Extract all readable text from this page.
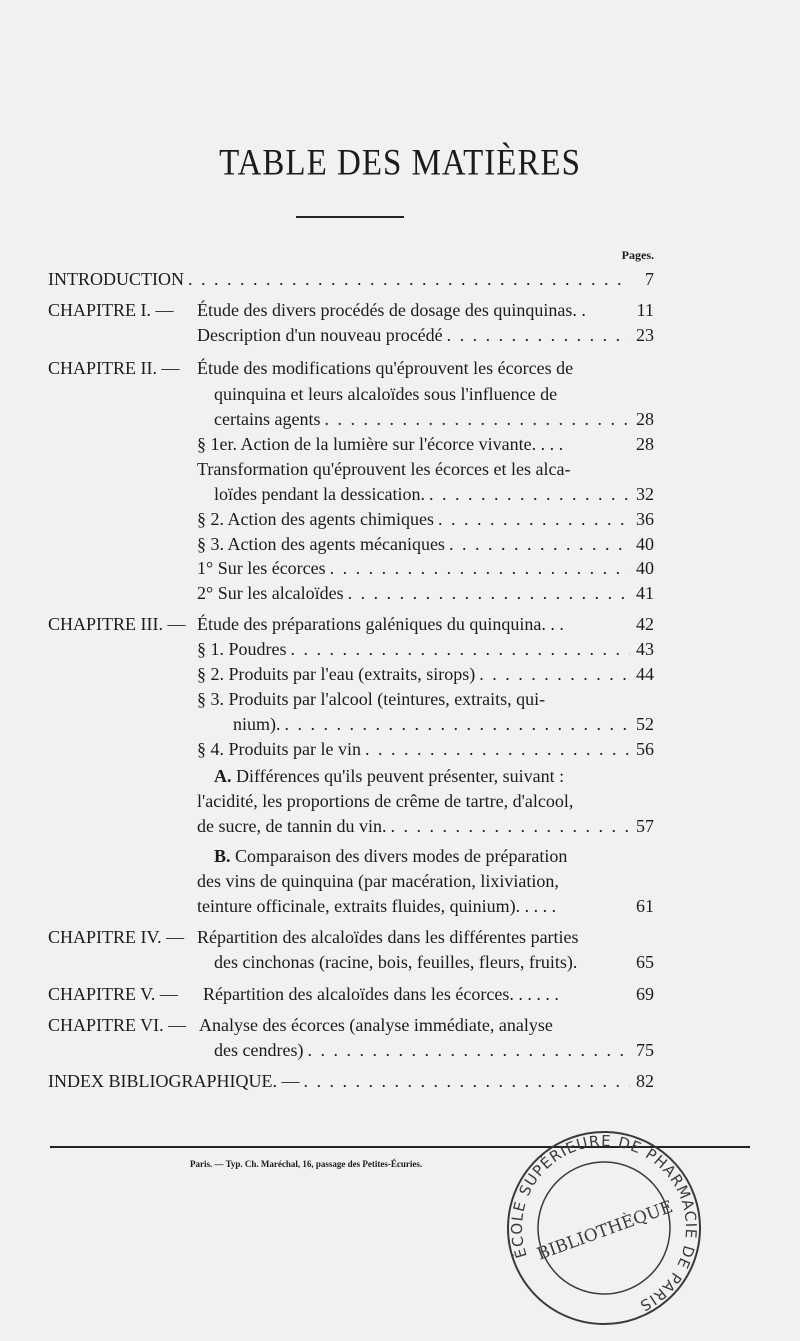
TABLE DES MATIÈRES
Pages.
INTRODUCTION . . .	7
CHAPITRE I. — Étude des divers procédés de dosage des quinquinas. .	11
Description d'un nouveau procédé . . .	23
CHAPITRE II. — Étude des modifications qu'éprouvent les écorces de
quinquina et leurs alcaloïdes sous l'influence de
certains agents . . .	28
§ 1er. Action de la lumière sur l'écorce vivante. . . .	28
Transformation qu'éprouvent les écorces et les alca-
loïdes pendant la dessication. . . .	32
§ 2. Action des agents chimiques . . .	36
§ 3. Action des agents mécaniques . . .	40
1° Sur les écorces . . .	40
2° Sur les alcaloïdes . . .	41
CHAPITRE III. — Étude des préparations galéniques du quinquina. . .	42
§ 1. Poudres . . .	43
§ 2. Produits par l'eau (extraits, sirops) . . .	44
§ 3. Produits par l'alcool (teintures, extraits, qui-
nium). . . .	52
§ 4. Produits par le vin . . .	56
A. Différences qu'ils peuvent présenter, suivant :
l'acidité, les proportions de crême de tartre, d'alcool,
de sucre, de tannin du vin. . . .	57
B. Comparaison des divers modes de préparation
des vins de quinquina (par macération, lixiviation,
teinture officinale, extraits fluides, quinium). . . . .	61
CHAPITRE IV. — Répartition des alcaloïdes dans les différentes parties
des cinchonas (racine, bois, feuilles, fleurs, fruits).	65
CHAPITRE V. — Répartition des alcaloïdes dans les écorces. . . . . .	69
CHAPITRE VI. — Analyse des écorces (analyse immédiate, analyse
des cendres) . . .	75
INDEX BIBLIOGRAPHIQUE. — . . .	82
Paris. — Typ. Ch. Maréchal, 16, passage des Petites-Écuries.
ÉCOLE SUPÉRIEURE DE PHARMACIE DE PARIS
BIBLIOTHÈQUE
